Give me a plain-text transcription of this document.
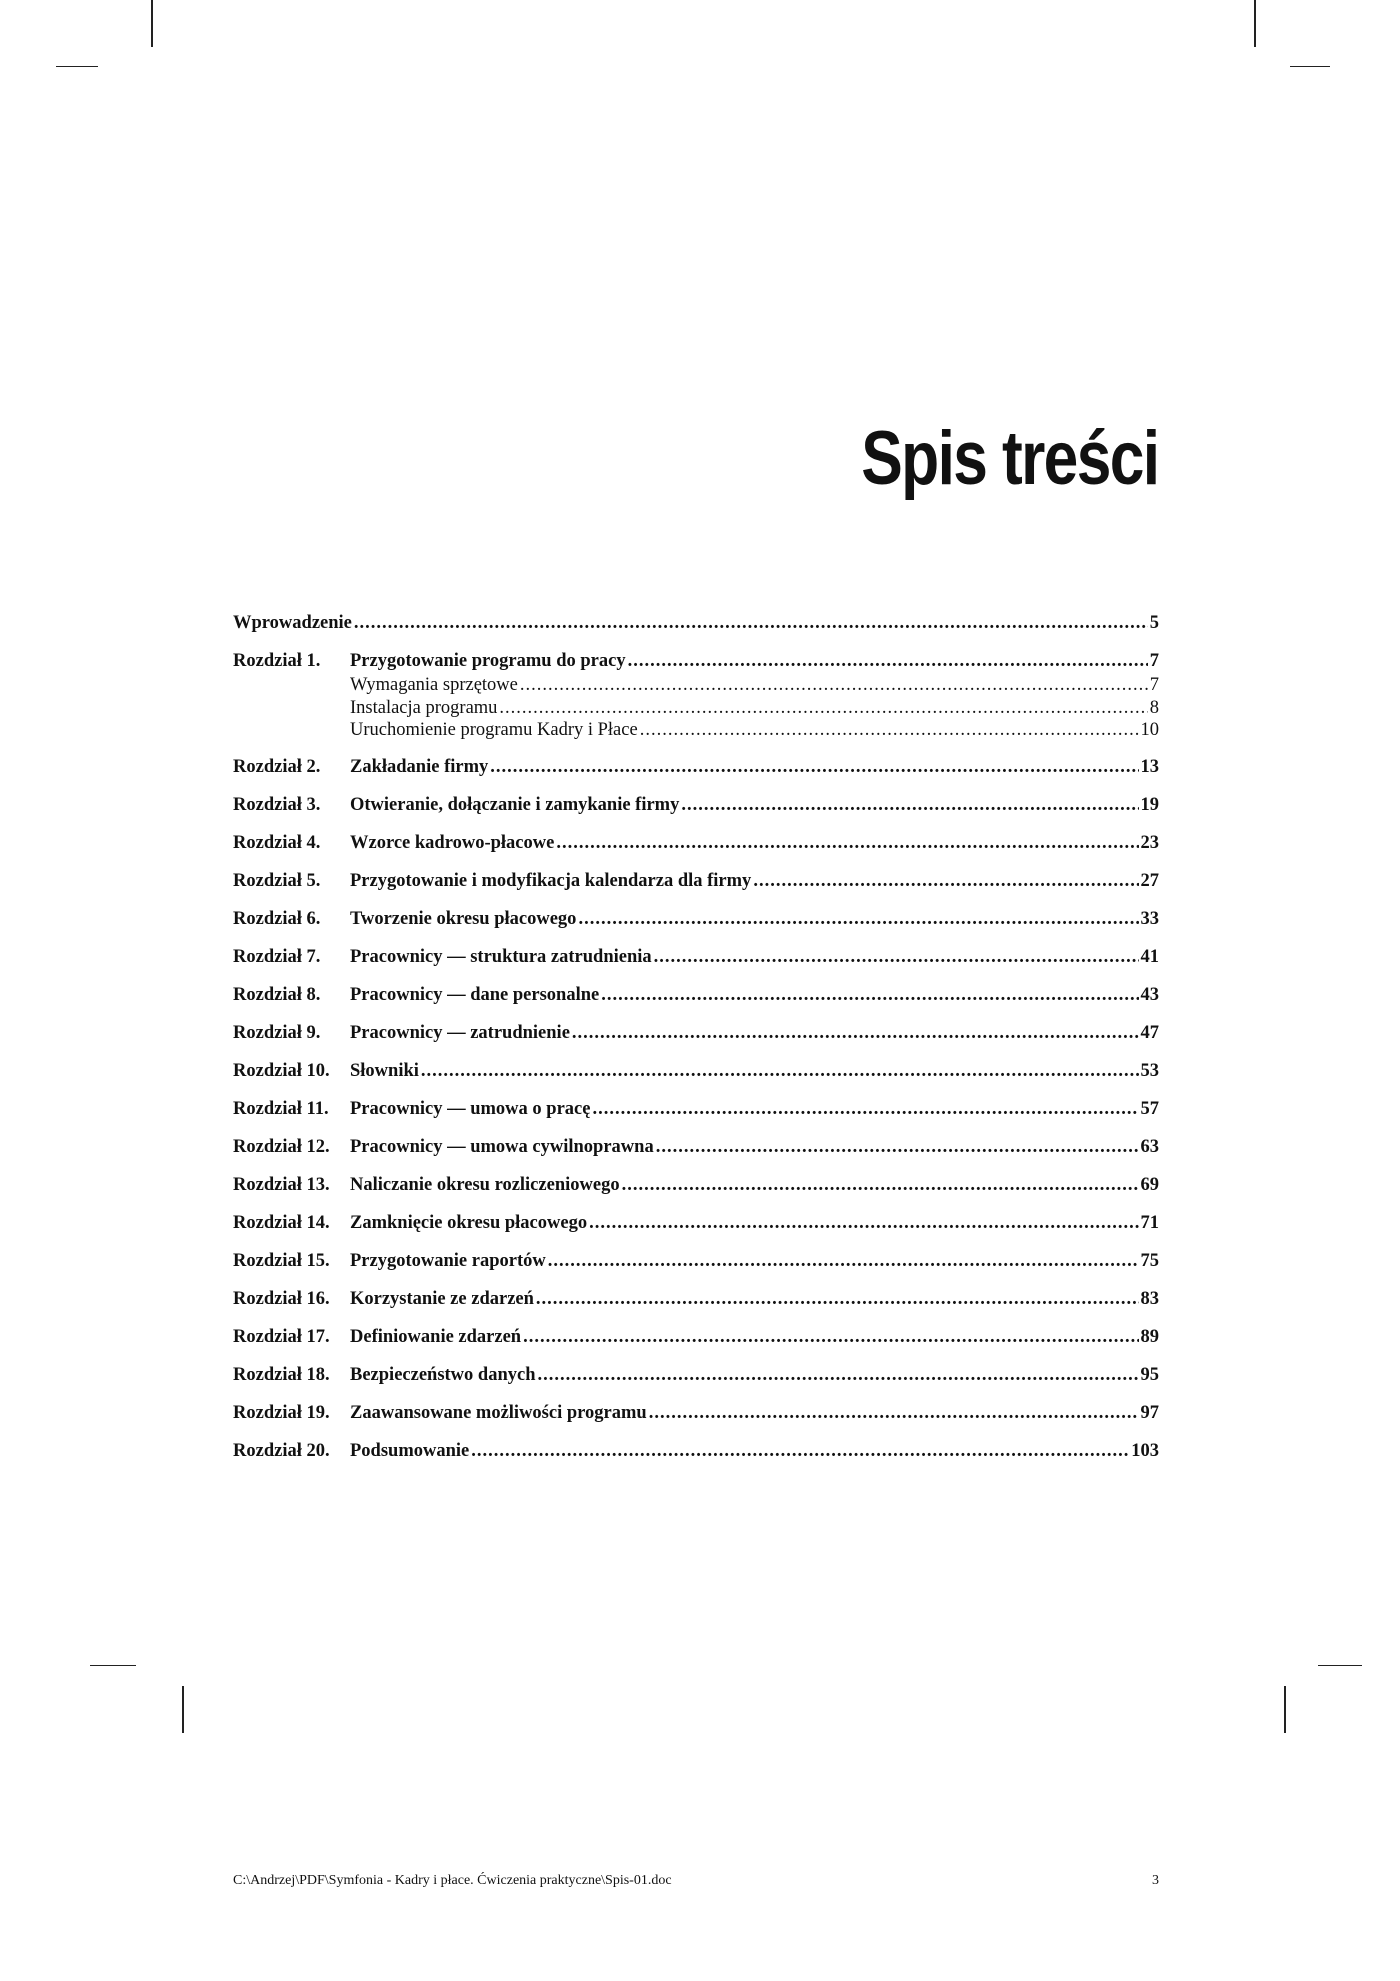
Spis treści
Wprowadzenie .....	5
Rozdział 1.	Przygotowanie programu do pracy .....	7
Wymagania sprzętowe .....	7
Instalacja programu .....	8
Uruchomienie programu Kadry i Płace .....	10
Rozdział 2.	Zakładanie firmy .....	13
Rozdział 3.	Otwieranie, dołączanie i zamykanie firmy .....	19
Rozdział 4.	Wzorce kadrowo-płacowe .....	23
Rozdział 5.	Przygotowanie i modyfikacja kalendarza dla firmy .....	27
Rozdział 6.	Tworzenie okresu płacowego .....	33
Rozdział 7.	Pracownicy — struktura zatrudnienia .....	41
Rozdział 8.	Pracownicy — dane personalne .....	43
Rozdział 9.	Pracownicy — zatrudnienie .....	47
Rozdział 10.	Słowniki .....	53
Rozdział 11.	Pracownicy — umowa o pracę .....	57
Rozdział 12.	Pracownicy — umowa cywilnoprawna .....	63
Rozdział 13.	Naliczanie okresu rozliczeniowego .....	69
Rozdział 14.	Zamknięcie okresu płacowego .....	71
Rozdział 15.	Przygotowanie raportów .....	75
Rozdział 16.	Korzystanie ze zdarzeń .....	83
Rozdział 17.	Definiowanie zdarzeń .....	89
Rozdział 18.	Bezpieczeństwo danych .....	95
Rozdział 19.	Zaawansowane możliwości programu .....	97
Rozdział 20.	Podsumowanie .....	103
C:\Andrzej\PDF\Symfonia - Kadry i płace. Ćwiczenia praktyczne\Spis-01.doc	3
